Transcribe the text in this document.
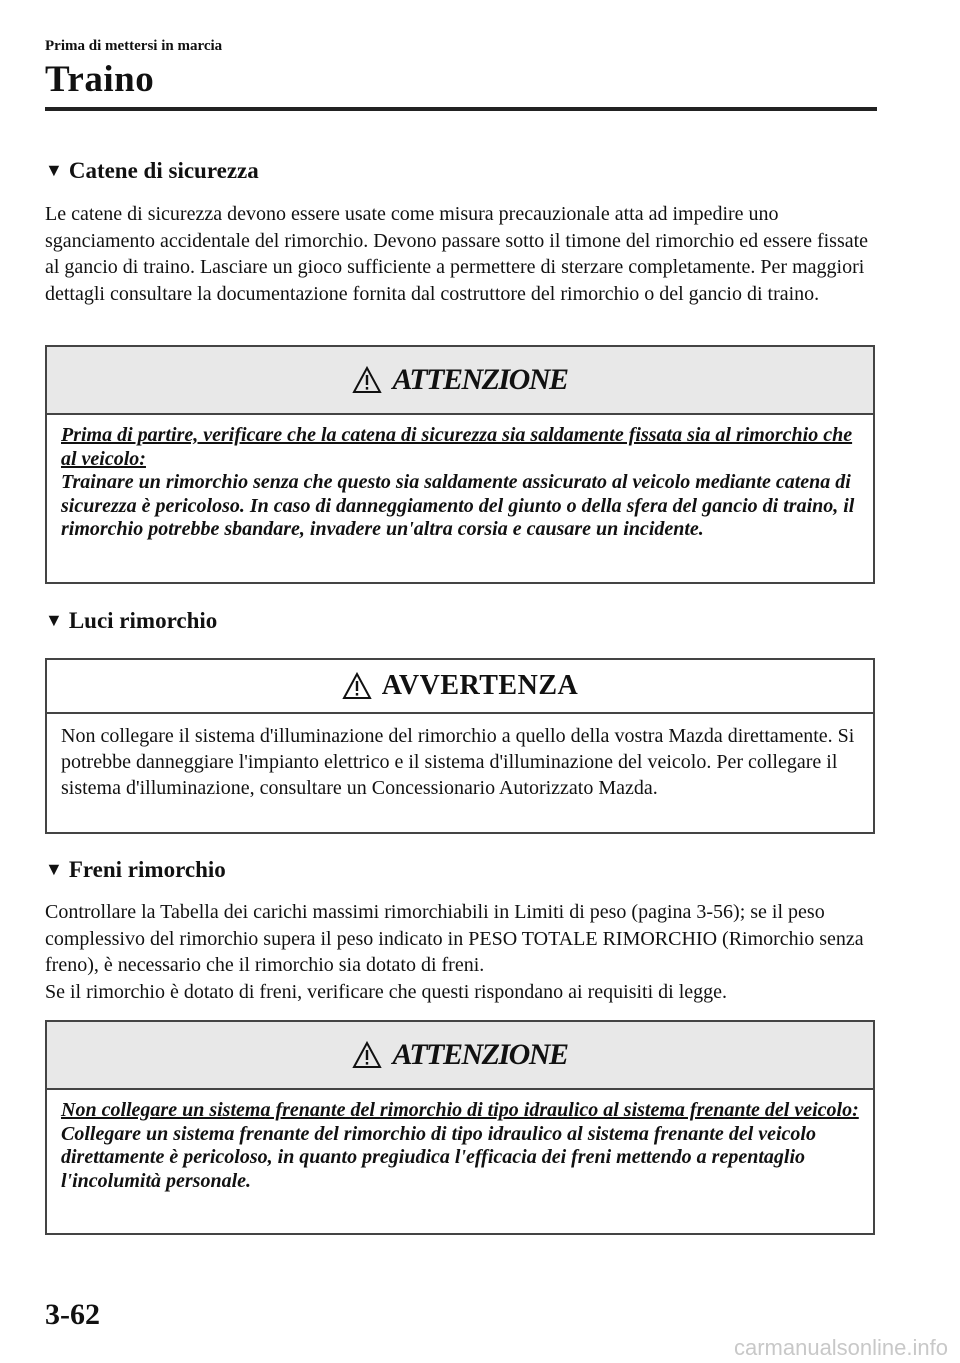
Prima di mettersi in marcia
Traino
▼ Catene di sicurezza

Le catene di sicurezza devono essere usate come misura precauzionale atta ad impedire uno sganciamento accidentale del rimorchio. Devono passare sotto il timone del rimorchio ed essere fissate al gancio di traino. Lasciare un gioco sufficiente a permettere di sterzare completamente. Per maggiori dettagli consultare la documentazione fornita dal costruttore del rimorchio o del gancio di traino.

ATTENZIONE
Prima di partire, verificare che la catena di sicurezza sia saldamente fissata sia al rimorchio che al veicolo:
Trainare un rimorchio senza che questo sia saldamente assicurato al veicolo mediante catena di sicurezza è pericoloso. In caso di danneggiamento del giunto o della sfera del gancio di traino, il rimorchio potrebbe sbandare, invadere un'altra corsia e causare un incidente.
▼ Luci rimorchio
AVVERTENZA
Non collegare il sistema d'illuminazione del rimorchio a quello della vostra Mazda direttamente. Si potrebbe danneggiare l'impianto elettrico e il sistema d'illuminazione del veicolo. Per collegare il sistema d'illuminazione, consultare un Concessionario Autorizzato Mazda.
▼ Freni rimorchio

Controllare la Tabella dei carichi massimi rimorchiabili in Limiti di peso (pagina 3-56); se il peso complessivo del rimorchio supera il peso indicato in PESO TOTALE RIMORCHIO (Rimorchio senza freno), è necessario che il rimorchio sia dotato di freni.

Se il rimorchio è dotato di freni, verificare che questi rispondano ai requisiti di legge.

ATTENZIONE
Non collegare un sistema frenante del rimorchio di tipo idraulico al sistema frenante del veicolo:
Collegare un sistema frenante del rimorchio di tipo idraulico al sistema frenante del veicolo direttamente è pericoloso, in quanto pregiudica l'efficacia dei freni mettendo a repentaglio l'incolumità personale.
3-62
carmanualsonline.info
